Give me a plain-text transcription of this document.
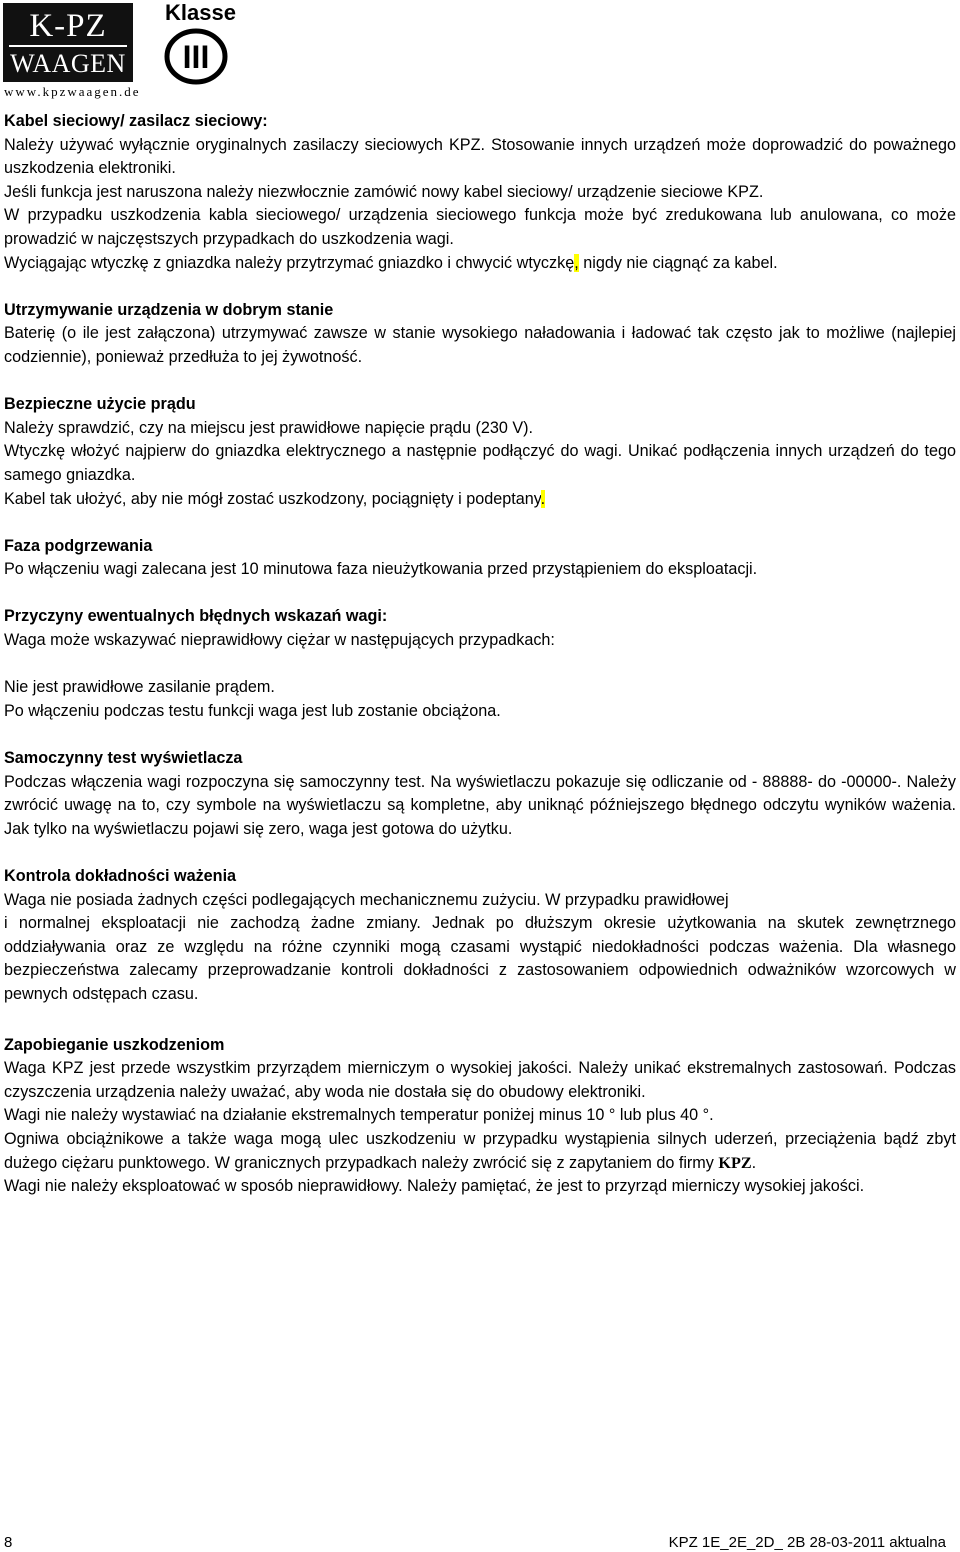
K-PZ
WAAGEN
www.kpzwaagen.de
Klasse
III
Kabel sieciowy/ zasilacz sieciowy:
Należy używać wyłącznie oryginalnych zasilaczy sieciowych KPZ. Stosowanie innych urządzeń może doprowadzić do poważnego uszkodzenia elektroniki.
Jeśli funkcja jest naruszona należy niezwłocznie zamówić nowy kabel sieciowy/ urządzenie sieciowe KPZ.
W przypadku uszkodzenia kabla sieciowego/ urządzenia sieciowego funkcja może być zredukowana lub anulowana, co może prowadzić w najczęstszych przypadkach do uszkodzenia wagi.
Wyciągając wtyczkę z gniazdka należy przytrzymać gniazdko i chwycić wtyczkę, nigdy nie ciągnąć za kabel.
Utrzymywanie urządzenia w dobrym stanie
Baterię (o ile jest załączona) utrzymywać zawsze w stanie wysokiego naładowania i ładować tak często jak to możliwe (najlepiej codziennie), ponieważ przedłuża to jej żywotność.
Bezpieczne użycie prądu
Należy sprawdzić, czy na miejscu jest prawidłowe napięcie prądu (230 V).
Wtyczkę włożyć najpierw do gniazdka elektrycznego a następnie podłączyć do wagi. Unikać podłączenia innych urządzeń do tego samego gniazdka.
Kabel tak ułożyć, aby nie mógł zostać uszkodzony, pociągnięty i podeptany.
Faza podgrzewania
Po włączeniu wagi zalecana jest 10 minutowa faza nieużytkowania przed przystąpieniem do eksploatacji.
Przyczyny ewentualnych błędnych wskazań wagi:
Waga może wskazywać nieprawidłowy ciężar w następujących przypadkach:
Nie jest prawidłowe zasilanie prądem.
Po włączeniu podczas testu funkcji waga jest lub zostanie obciążona.
Samoczynny test wyświetlacza
Podczas włączenia wagi rozpoczyna się samoczynny test. Na wyświetlaczu pokazuje się odliczanie od - 88888- do -00000-. Należy zwrócić uwagę na to, czy symbole na wyświetlaczu są kompletne, aby uniknąć późniejszego błędnego odczytu wyników ważenia. Jak tylko na wyświetlaczu pojawi się zero, waga jest gotowa do użytku.
Kontrola dokładności ważenia
Waga nie posiada żadnych części podlegających mechanicznemu zużyciu. W przypadku prawidłowej
i normalnej eksploatacji nie zachodzą żadne zmiany. Jednak po dłuższym okresie użytkowania na skutek zewnętrznego oddziaływania oraz ze względu na różne czynniki mogą czasami wystąpić niedokładności podczas ważenia. Dla własnego bezpieczeństwa zalecamy przeprowadzanie kontroli dokładności z zastosowaniem odpowiednich odważników wzorcowych w pewnych odstępach czasu.
Zapobieganie uszkodzeniom
Waga KPZ jest przede wszystkim przyrządem mierniczym o wysokiej jakości. Należy unikać ekstremalnych zastosowań. Podczas czyszczenia urządzenia należy uważać, aby woda nie dostała się do obudowy elektroniki.
Wagi nie należy wystawiać na działanie ekstremalnych temperatur poniżej minus 10 ° lub plus 40 °.
Ogniwa obciążnikowe a także waga mogą ulec uszkodzeniu w przypadku wystąpienia silnych uderzeń, przeciążenia bądź zbyt dużego ciężaru punktowego. W granicznych przypadkach należy zwrócić się z zapytaniem do firmy KPZ.
Wagi nie należy eksploatować w sposób nieprawidłowy. Należy pamiętać, że jest to przyrząd mierniczy wysokiej jakości.
8	KPZ 1E_2E_2D_ 2B 28-03-2011 aktualna
